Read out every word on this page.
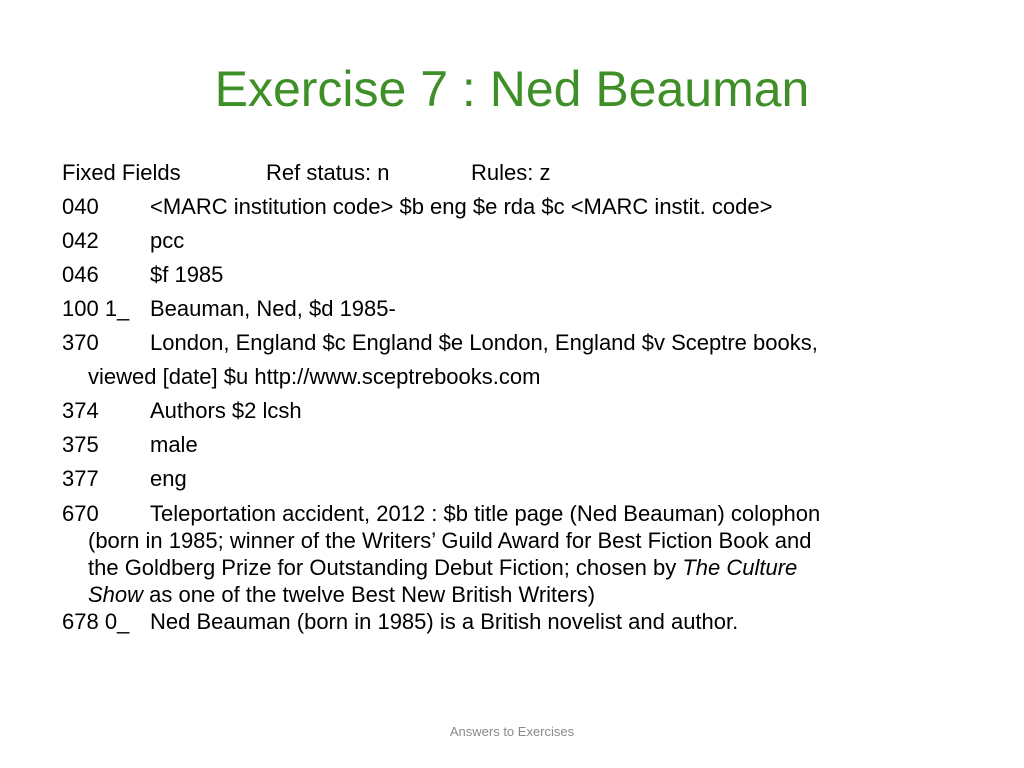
Exercise 7 : Ned Beauman
Fixed Fields	Ref status: n	Rules: z
040 <MARC institution code> $b eng $e rda $c <MARC instit. code>
042 pcc
046 $f 1985
100 1_ Beauman, Ned, $d 1985-
370 London, England $c England $e London, England $v Sceptre books,
viewed [date] $u http://www.sceptrebooks.com
374 Authors $2 lcsh
375 male
377 eng
670 Teleportation accident, 2012 : $b title page (Ned Beauman) colophon
(born in 1985; winner of the Writers’ Guild Award for Best Fiction Book and
the Goldberg Prize for Outstanding Debut Fiction; chosen by The Culture
Show as one of the twelve Best New British Writers)
678 0_ Ned Beauman (born in 1985) is a British novelist and author.
Answers to Exercises
